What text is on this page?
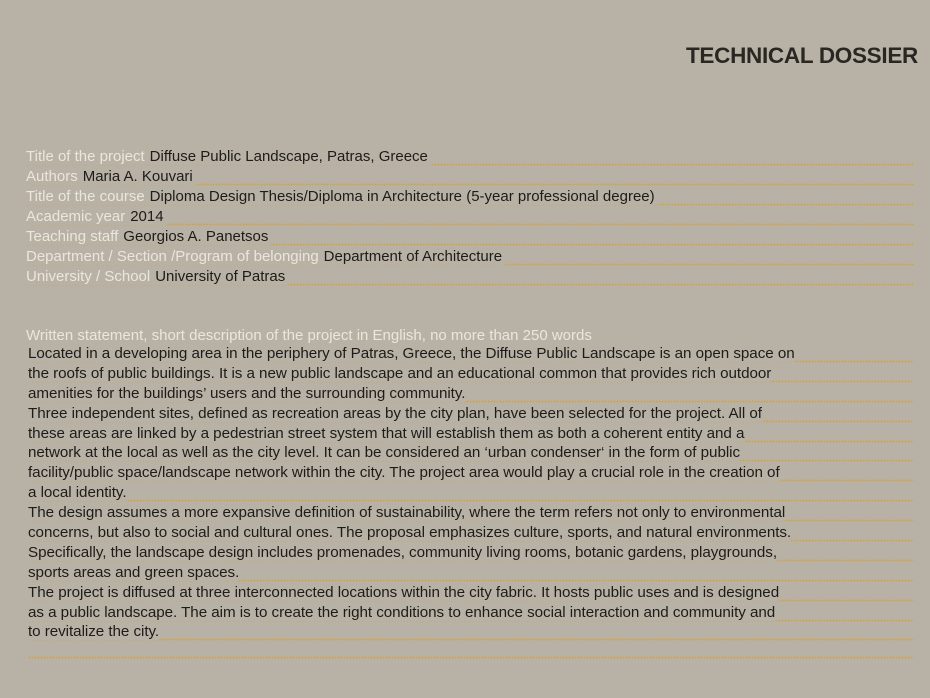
TECHNICAL DOSSIER
Title of the project Diffuse Public Landscape, Patras, Greece
Authors Maria A. Kouvari
Title of the course Diploma Design Thesis/Diploma in Architecture (5-year professional degree)
Academic year 2014
Teaching staff Georgios A. Panetsos
Department / Section /Program of belonging Department of Architecture
University / School University of Patras
Written statement, short description of the project in English, no more than 250 words
Located in a developing area in the periphery of Patras, Greece, the Diffuse Public Landscape is an open space on
the roofs of public buildings. It is a new public landscape and an educational common that provides rich outdoor
amenities for the buildings’ users and the surrounding community.
Three independent sites, defined as recreation areas by the city plan, have been selected for the project. All of
these areas are linked by a pedestrian street system that will establish them as both a coherent entity and a
network at the local as well as the city level. It can be considered an ‘urban condenser‘ in the form of public
facility/public space/landscape network within the city. The project area would play a crucial role in the creation of
a local identity.
The design assumes a more expansive definition of sustainability, where the term refers not only to environmental
concerns, but also to social and cultural ones. The proposal emphasizes culture, sports, and natural environments.
Specifically, the landscape design includes promenades, community living rooms, botanic gardens, playgrounds,
sports areas and green spaces.
The project is diffused at three interconnected locations within the city fabric. It hosts public uses and is designed
as a public landscape. The aim is to create the right conditions to enhance social interaction and community and
to revitalize the city.
